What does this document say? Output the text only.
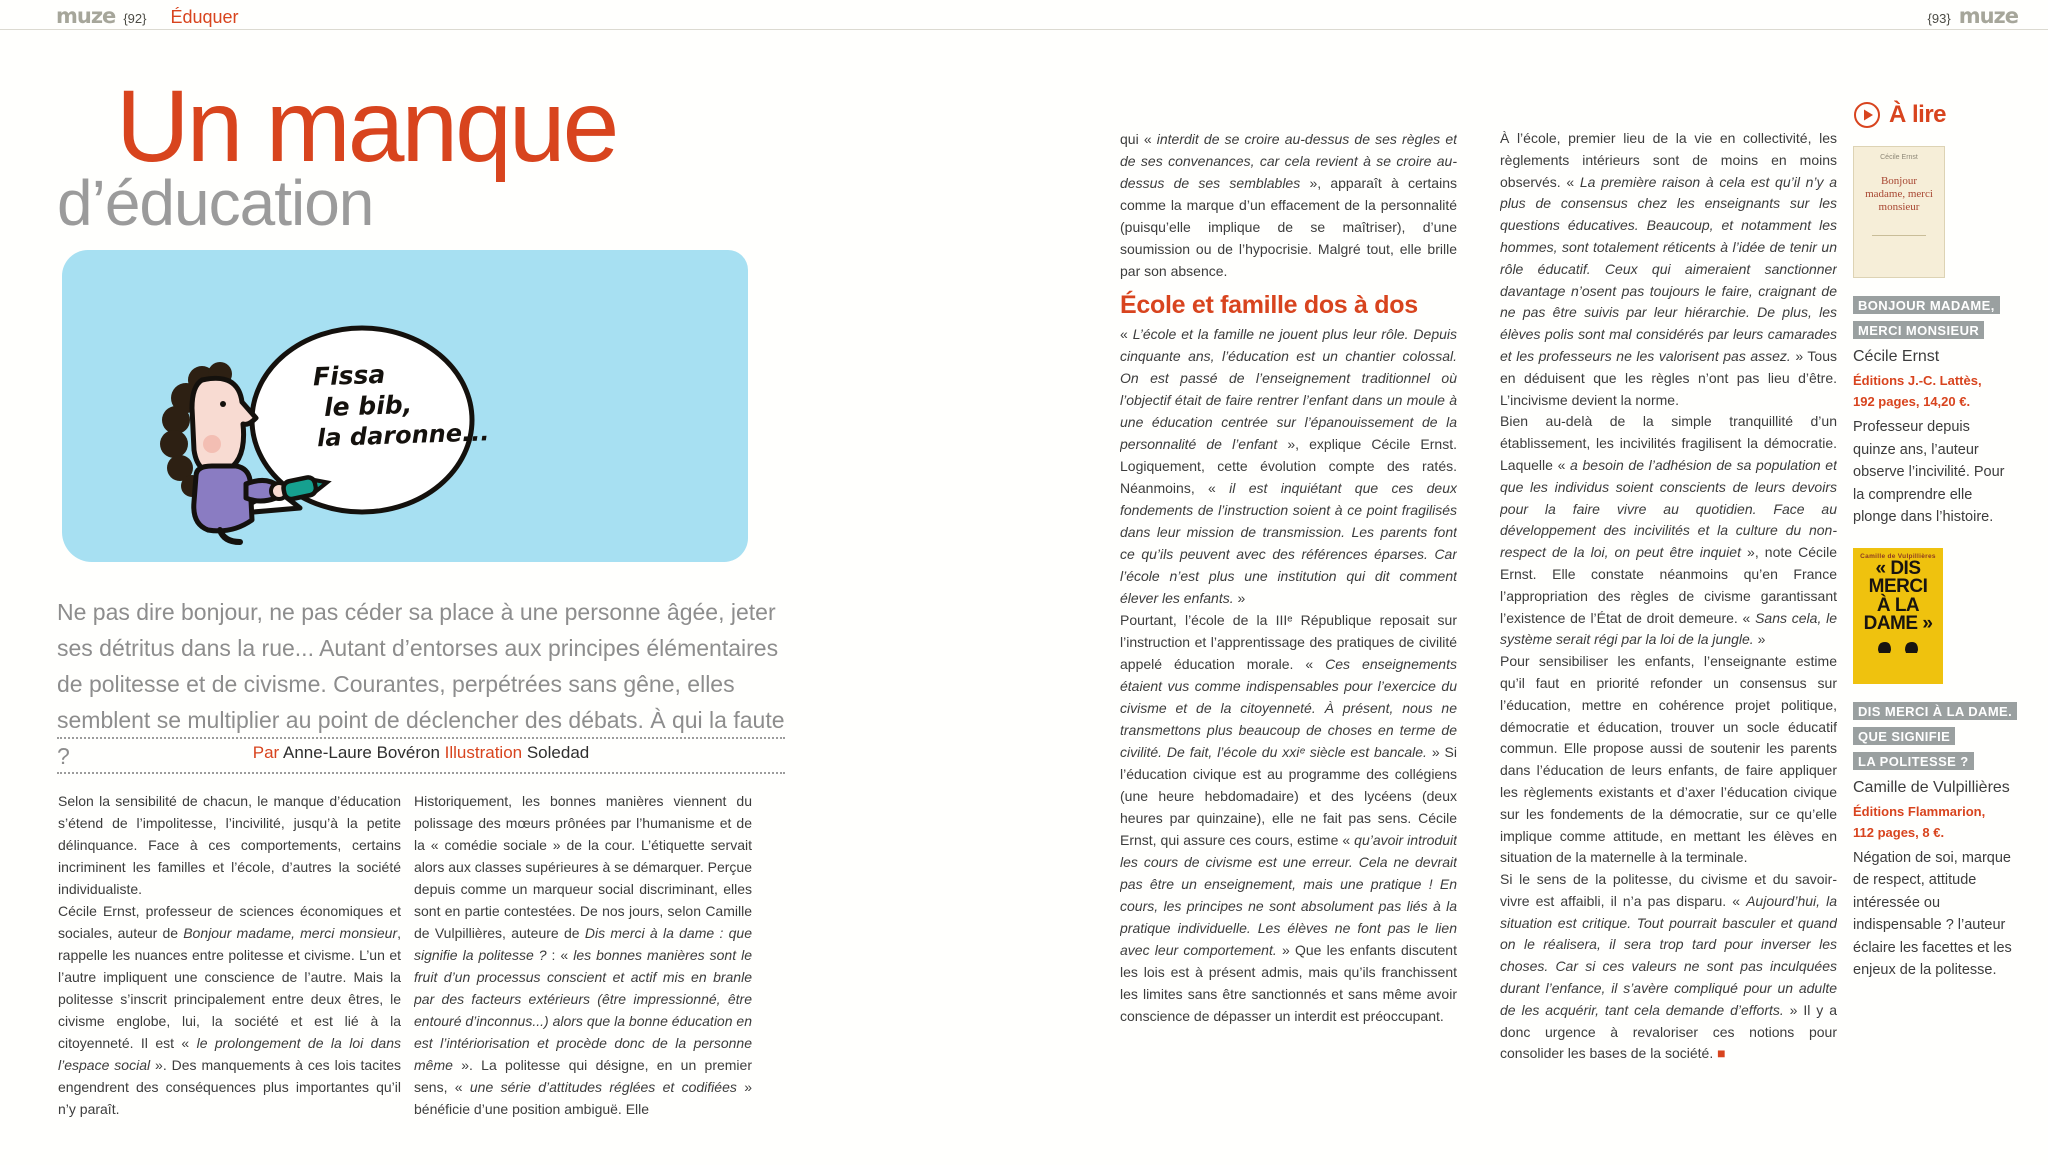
muze {92} Éduquer	{93} muze
Un manque
d’éducation
Fissa
le bib,
la daronne...
Ne pas dire bonjour, ne pas céder sa place à une personne âgée, jeter ses détritus dans la rue... Autant d’entorses aux principes élémentaires de politesse et de civisme. Courantes, perpétrées sans gêne, elles semblent se multiplier au point de déclencher des débats. À qui la faute ?	Par Anne-Laure Bovéron Illustration Soledad

Selon la sensibilité de chacun, le manque d’éducation s’étend de l’impolitesse, l’incivilité, jusqu’à la petite délinquance. Face à ces comportements, certains incriminent les familles et l’école, d’autres la société individualiste.

Cécile Ernst, professeur de sciences économiques et sociales, auteur de Bonjour madame, merci monsieur, rappelle les nuances entre politesse et civisme. L’un et l’autre impliquent une conscience de l’autre. Mais la politesse s’inscrit principalement entre deux êtres, le civisme englobe, lui, la société et est lié à la citoyenneté. Il est « le prolongement de la loi dans l’espace social ». Des manquements à ces lois tacites engendrent des conséquences plus importantes qu’il n’y paraît.

Historiquement, les bonnes manières viennent du polissage des mœurs prônées par l’humanisme et de la « comédie sociale » de la cour. L’étiquette servait alors aux classes supérieures à se démarquer. Perçue depuis comme un marqueur social discriminant, elles sont en partie contestées. De nos jours, selon Camille de Vulpillières, auteure de Dis merci à la dame : que signifie la politesse ? : « les bonnes manières sont le fruit d’un processus conscient et actif mis en branle par des facteurs extérieurs (être impressionné, être entouré d’inconnus...) alors que la bonne éducation en est l’intériorisation et procède donc de la personne même ». La politesse qui désigne, en un premier sens, « une série d’attitudes réglées et codifiées » bénéficie d’une position ambiguë. Elle

qui « interdit de se croire au-dessus de ses règles et de ses convenances, car cela revient à se croire au-dessus de ses semblables », apparaît à certains comme la marque d’un effacement de la personnalité (puisqu’elle implique de se maîtriser), d’une soumission ou de l’hypocrisie. Malgré tout, elle brille par son absence.

École et famille dos à dos

« L’école et la famille ne jouent plus leur rôle. Depuis cinquante ans, l’éducation est un chantier colossal. On est passé de l’enseignement traditionnel où l’objectif était de faire rentrer l’enfant dans un moule à une éducation centrée sur l’épanouissement de la personnalité de l’enfant », explique Cécile Ernst. Logiquement, cette évolution compte des ratés. Néanmoins, « il est inquiétant que ces deux fondements de l’instruction soient à ce point fragilisés dans leur mission de transmission. Les parents font ce qu’ils peuvent avec des références éparses. Car l’école n’est plus une institution qui dit comment élever les enfants. »

Pourtant, l’école de la IIIᵉ République reposait sur l’instruction et l’apprentissage des pratiques de civilité appelé éducation morale. « Ces enseignements étaient vus comme indispensables pour l’exercice du civisme et de la citoyenneté. À présent, nous ne transmettons plus beaucoup de choses en terme de civilité. De fait, l’école du xxiᵉ siècle est bancale. » Si l’éducation civique est au programme des collégiens (une heure hebdomadaire) et des lycéens (deux heures par quinzaine), elle ne fait pas sens. Cécile Ernst, qui assure ces cours, estime « qu’avoir introduit les cours de civisme est une erreur. Cela ne devrait pas être un enseignement, mais une pratique ! En cours, les principes ne sont absolument pas liés à la pratique individuelle. Les élèves ne font pas le lien avec leur comportement. » Que les enfants discutent les lois est à présent admis, mais qu’ils franchissent les limites sans être sanctionnés et sans même avoir conscience de dépasser un interdit est préoccupant.

À l’école, premier lieu de la vie en collectivité, les règlements intérieurs sont de moins en moins observés. « La première raison à cela est qu’il n’y a plus de consensus chez les enseignants sur les questions éducatives. Beaucoup, et notamment les hommes, sont totalement réticents à l’idée de tenir un rôle éducatif. Ceux qui aimeraient sanctionner davantage n’osent pas toujours le faire, craignant de ne pas être suivis par leur hiérarchie. De plus, les élèves polis sont mal considérés par leurs camarades et les professeurs ne les valorisent pas assez. » Tous en déduisent que les règles n’ont pas lieu d’être. L’incivisme devient la norme.

Bien au-delà de la simple tranquillité d’un établissement, les incivilités fragilisent la démocratie. Laquelle « a besoin de l’adhésion de sa population et que les individus soient conscients de leurs devoirs pour la faire vivre au quotidien. Face au développement des incivilités et la culture du non-respect de la loi, on peut être inquiet », note Cécile Ernst. Elle constate néanmoins qu’en France l’appropriation des règles de civisme garantissant l’existence de l’État de droit demeure. « Sans cela, le système serait régi par la loi de la jungle. »

Pour sensibiliser les enfants, l’enseignante estime qu’il faut en priorité refonder un consensus sur l’éducation, mettre en cohérence projet politique, démocratie et éducation, trouver un socle éducatif commun. Elle propose aussi de soutenir les parents dans l’éducation de leurs enfants, de faire appliquer les règlements existants et d’axer l’éducation civique sur les fondements de la démocratie, sur ce qu’elle implique comme attitude, en mettant les élèves en situation de la maternelle à la terminale.

Si le sens de la politesse, du civisme et du savoir-vivre est affaibli, il n’a pas disparu. « Aujourd’hui, la situation est critique. Tout pourrait basculer et quand on le réalisera, il sera trop tard pour inverser les choses. Car si ces valeurs ne sont pas inculquées durant l’enfance, il s’avère compliqué pour un adulte de les acquérir, tant cela demande d’efforts. » Il y a donc urgence à revaloriser ces notions pour consolider les bases de la société. ■

À lire
Cécile Ernst
Bonjour madame, merci monsieur
BONJOUR MADAME,
MERCI MONSIEUR
Cécile Ernst
Éditions J.-C. Lattès,
192 pages, 14,20 €.
Professeur depuis quinze ans, l’auteur observe l’incivilité. Pour la comprendre elle plonge dans l’histoire.
Camille de Vulpillières
« DIS
MERCI
À LA
DAME »
DIS MERCI À LA DAME.
QUE SIGNIFIE
LA POLITESSE ?
Camille de Vulpillières
Éditions Flammarion,
112 pages, 8 €.
Négation de soi, marque de respect, attitude intéressée ou indispensable ? l’auteur éclaire les facettes et les enjeux de la politesse.
